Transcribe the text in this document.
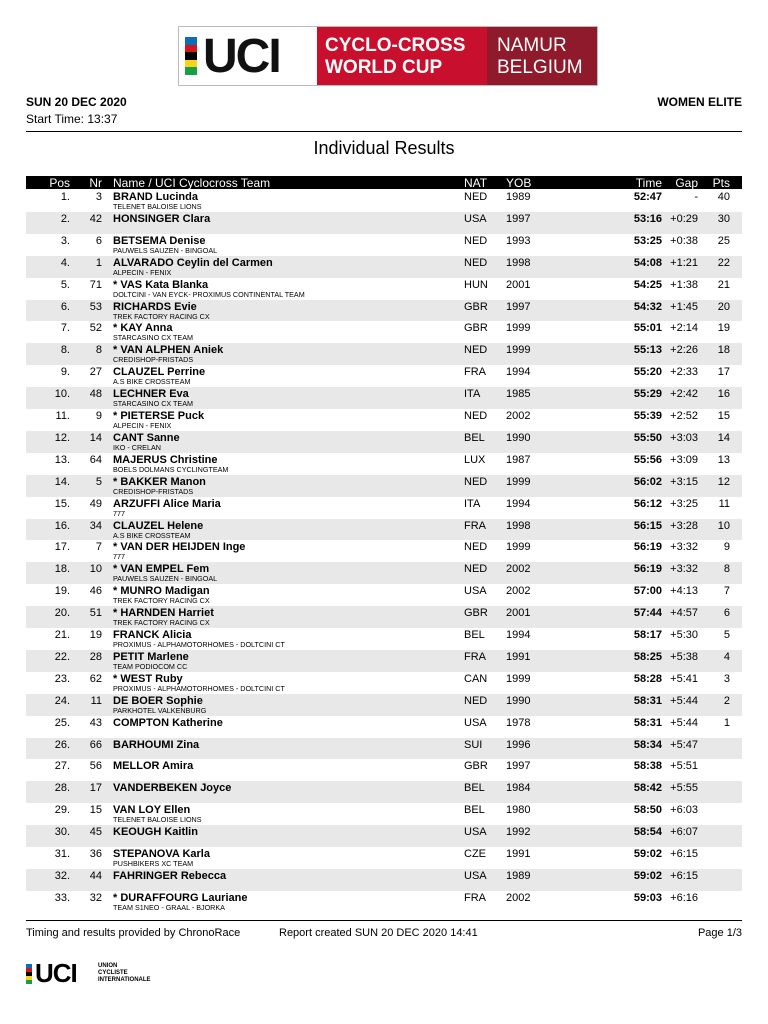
UCI CYCLO-CROSS
WORLD CUP
NAMUR
BELGIUM
SUN 20 DEC 2020
Start Time: 13:37
WOMEN ELITE
Individual Results
Pos Nr Name / UCI Cyclocross Team	NAT YOB	Time Gap Pts
1. 3 BRAND Lucinda
TELENET BALOISE LIONS
NED 1989	52:47	- 40
2. 42 HONSINGER Clara	USA 1997	53:16 +0:29 30
3. 6 BETSEMA Denise
PAUWELS SAUZEN - BINGOAL
NED 1993	53:25 +0:38 25
4. 1 ALVARADO Ceylin del Carmen
ALPECIN - FENIX
NED 1998	54:08 +1:21 22
5. 71 * VAS Kata Blanka
DOLTCINI - VAN EYCK- PROXIMUS CONTINENTAL TEAM
HUN 2001	54:25 +1:38 21
6. 53 RICHARDS Evie
TREK FACTORY RACING CX
GBR 1997	54:32 +1:45 20
7. 52 * KAY Anna
STARCASINO CX TEAM
GBR 1999	55:01 +2:14 19
8. 8 * VAN ALPHEN Aniek
CREDISHOP-FRISTADS
NED 1999	55:13 +2:26 18
9. 27 CLAUZEL Perrine
A.S BIKE CROSSTEAM
FRA 1994	55:20 +2:33 17
10. 48 LECHNER Eva
STARCASINO CX TEAM
ITA 1985	55:29 +2:42 16
11. 9 * PIETERSE Puck
ALPECIN - FENIX
NED 2002	55:39 +2:52 15
12. 14 CANT Sanne
IKO - CRELAN
BEL 1990	55:50 +3:03 14
13. 64 MAJERUS Christine
BOELS DOLMANS CYCLINGTEAM
LUX 1987	55:56 +3:09 13
14. 5 * BAKKER Manon
CREDISHOP-FRISTADS
NED 1999	56:02 +3:15 12
15. 49 ARZUFFI Alice Maria
777
ITA 1994	56:12 +3:25 11
16. 34 CLAUZEL Helene
A.S BIKE CROSSTEAM
FRA 1998	56:15 +3:28 10
17. 7 * VAN DER HEIJDEN Inge
777
NED 1999	56:19 +3:32 9
18. 10 * VAN EMPEL Fem
PAUWELS SAUZEN - BINGOAL
NED 2002	56:19 +3:32 8
19. 46 * MUNRO Madigan
TREK FACTORY RACING CX
USA 2002	57:00 +4:13 7
20. 51 * HARNDEN Harriet
TREK FACTORY RACING CX
GBR 2001	57:44 +4:57 6
21. 19 FRANCK Alicia
PROXIMUS - ALPHAMOTORHOMES - DOLTCINI CT
BEL 1994	58:17 +5:30 5
22. 28 PETIT Marlene
TEAM PODIOCOM CC
FRA 1991	58:25 +5:38 4
23. 62 * WEST Ruby
PROXIMUS - ALPHAMOTORHOMES - DOLTCINI CT
CAN 1999	58:28 +5:41 3
24. 11 DE BOER Sophie
PARKHOTEL VALKENBURG
NED 1990	58:31 +5:44 2
25. 43 COMPTON Katherine	USA 1978	58:31 +5:44 1
26. 66 BARHOUMI Zina	SUI 1996	58:34 +5:47
27. 56 MELLOR Amira	GBR 1997	58:38 +5:51
28. 17 VANDERBEKEN Joyce	BEL 1984	58:42 +5:55
29. 15 VAN LOY Ellen
TELENET BALOISE LIONS
BEL 1980	58:50 +6:03
30. 45 KEOUGH Kaitlin	USA 1992	58:54 +6:07
31. 36 STEPANOVA Karla
PUSHBIKERS XC TEAM
CZE 1991	59:02 +6:15
32. 44 FAHRINGER Rebecca	USA 1989	59:02 +6:15
33. 32 * DURAFFOURG Lauriane
TEAM S1NEO - GRAAL - BJORKA
FRA 2002	59:03 +6:16
Timing and results provided by ChronoRace	Report created SUN 20 DEC 2020 14:41	Page 1/3
UCI	UNION
CYCLISTE
INTERNATIONALE
